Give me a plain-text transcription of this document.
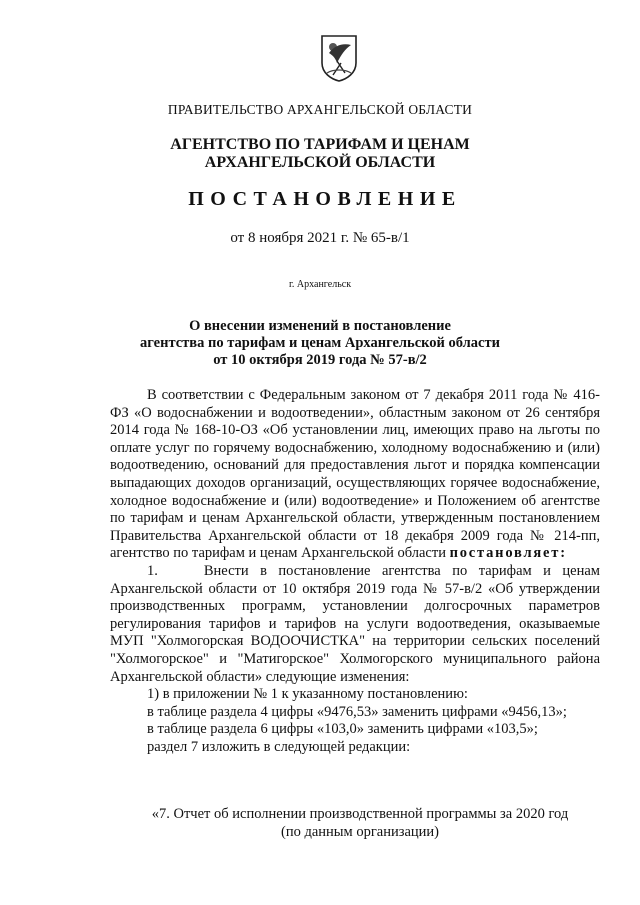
ПРАВИТЕЛЬСТВО АРХАНГЕЛЬСКОЙ ОБЛАСТИ
АГЕНТСТВО ПО ТАРИФАМ И ЦЕНАМ
АРХАНГЕЛЬСКОЙ ОБЛАСТИ
ПОСТАНОВЛЕНИЕ
от 8 ноября 2021 г. № 65-в/1
г. Архангельск
О внесении изменений в постановление
агентства по тарифам и ценам Архангельской области
от 10 октября 2019 года № 57-в/2

В соответствии с Федеральным законом от 7 декабря 2011 года № 416-ФЗ «О водоснабжении и водоотведении», областным законом от 26 сентября 2014 года № 168-10-ОЗ «Об установлении лиц, имеющих право на льготы по оплате услуг по горячему водоснабжению, холодному водоснабжению и (или) водоотведению, оснований для предоставления льгот и порядка компенсации выпадающих доходов организаций, осуществляющих горячее водоснабжение, холодное водоснабжение и (или) водоотведение» и Положением об агентстве по тарифам и ценам Архангельской области, утвержденным постановлением Правительства Архангельской области от 18 декабря 2009 года № 214-пп, агентство по тарифам и ценам Архангельской области постановляет:

1.    Внести в постановление агентства по тарифам и ценам Архангельской области от 10 октября 2019 года № 57-в/2 «Об утверждении производственных программ, установлении долгосрочных параметров регулирования тарифов и тарифов на услуги водоотведения, оказываемые МУП "Холмогорская ВОДООЧИСТКА" на территории сельских поселений "Холмогорское" и "Матигорское" Холмогорского муниципального района Архангельской области» следующие изменения:

1) в приложении № 1 к указанному постановлению:

в таблице раздела 4 цифры «9476,53» заменить цифрами «9456,13»;

в таблице раздела 6 цифры «103,0» заменить цифрами «103,5»;

раздел 7 изложить в следующей редакции:

«7. Отчет об исполнении производственной программы за 2020 год
(по данным организации)
